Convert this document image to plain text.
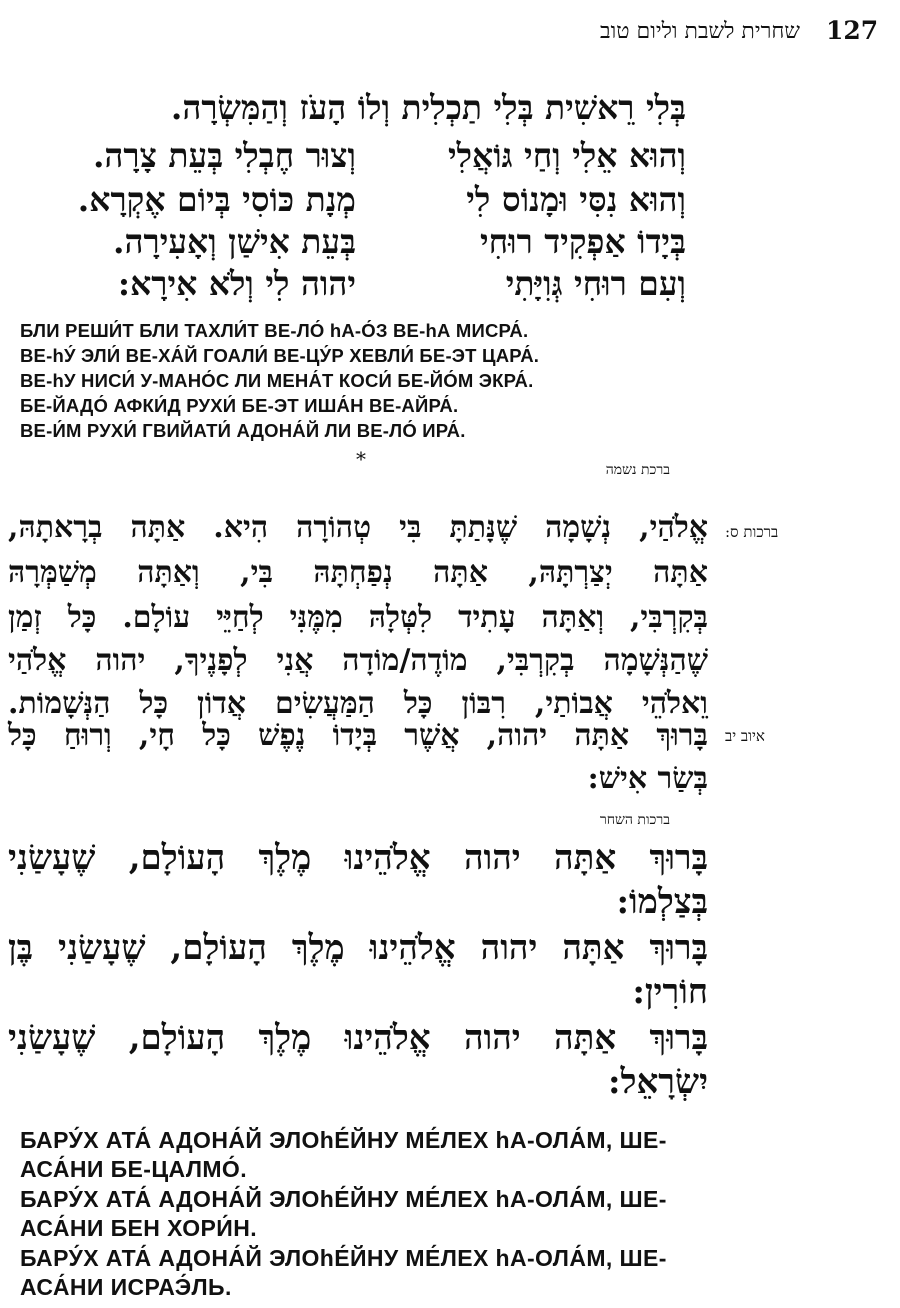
שחרית לשבת וליום טוב 127
בְּלִי רֵאשִׁית בְּלִי תַכְלִית וְלוֹ הָעֹז וְהַמִּשְׂרָה.
וְהוּא אֵלִי וְחַי גּוֹאֲלִי
וְצוּר חֶבְלִי בְּעֵת צָרָה.
וְהוּא נִסִּי וּמָנוֹס לִי
מְנָת כּוֹסִי בְּיוֹם אֶקְרָא.
בְּיָדוֹ אַפְקִיד רוּחִי
בְּעֵת אִישַׁן וְאָעִירָה.
וְעִם רוּחִי גְּוִיָּתִי
יהוה לִי וְלֹא אִירָא:
БЛИ РЕШИ́Т БЛИ ТАХЛИ́Т ВЕ-ЛО́ hА-О́З ВЕ-hА МИСРА́.
ВЕ-hУ́ ЭЛИ́ ВЕ-ХА́Й ГОАЛИ́ ВЕ-ЦУ́Р ХЕВЛИ́ БЕ-ЭТ ЦАРА́.
ВЕ-hУ НИСИ́ У-МАНО́С ЛИ МЕНА́Т КОСИ́ БЕ-ЙО́М ЭКРА́.
БЕ-ЙАДО́ АФКИ́Д РУХИ́ БЕ-ЭТ ИША́Н ВЕ-АЙРА́.
ВЕ-И́М РУХИ́ ГВИЙАТИ́ АДОНА́Й ЛИ ВЕ-ЛО́ ИРА́.
*	ברכת נשמה
ברכות ס:
אֱלֹהַי, נְשָׁמָה שֶׁנָּתַתָּ בִּי טְהוֹרָה הִיא. אַתָּה בְרָאתָהּ,
אַתָּה יְצַרְתָּהּ, אַתָּה נְפַחְתָּהּ בִּי, וְאַתָּה מְשַׁמְּרָהּ
בְּקִרְבִּי, וְאַתָּה עָתִיד לִטְּלָהּ מִמֶּנִּי לְחַיֵּי עוֹלָם. כָּל זְמַן
שֶׁהַנְּשָׁמָה בְקִרְבִּי, מוֹדֶה/מוֹדָה אֲנִי לְפָנֶיךָ, יהוה אֱלֹהַי
וֵאלֹהֵי אֲבוֹתַי, רִבּוֹן כָּל הַמַּעֲשִׂים אֲדוֹן כָּל הַנְּשָׁמוֹת.
איוב יב
בָּרוּךְ אַתָּה יהוה, אֲשֶׁר בְּיָדוֹ נֶפֶשׁ כָּל חָי, וְרוּחַ כָּל
בְּשַׂר אִישׁ:
ברכות השחר
בָּרוּךְ אַתָּה יהוה אֱלֹהֵינוּ מֶלֶךְ הָעוֹלָם, שֶׁעָשַׂנִי
בְּצַלְמוֹ:
בָּרוּךְ אַתָּה יהוה אֱלֹהֵינוּ מֶלֶךְ הָעוֹלָם, שֶׁעָשַׂנִי בֶּן
חוֹרִין:
בָּרוּךְ אַתָּה יהוה אֱלֹהֵינוּ מֶלֶךְ הָעוֹלָם, שֶׁעָשַׂנִי
יִשְׂרָאֵל:
БАРУ́Х АТА́ АДОНА́Й ЭЛОhЕ́ЙНУ МЕ́ЛЕХ hА-ОЛА́М, ШЕ-
АСА́НИ БЕ-ЦАЛМО́.
БАРУ́Х АТА́ АДОНА́Й ЭЛОhЕ́ЙНУ МЕ́ЛЕХ hА-ОЛА́М, ШЕ-
АСА́НИ БЕН ХОРИ́Н.
БАРУ́Х АТА́ АДОНА́Й ЭЛОhЕ́ЙНУ МЕ́ЛЕХ hА-ОЛА́М, ШЕ-
АСА́НИ ИСРАЭ́ЛЬ.
